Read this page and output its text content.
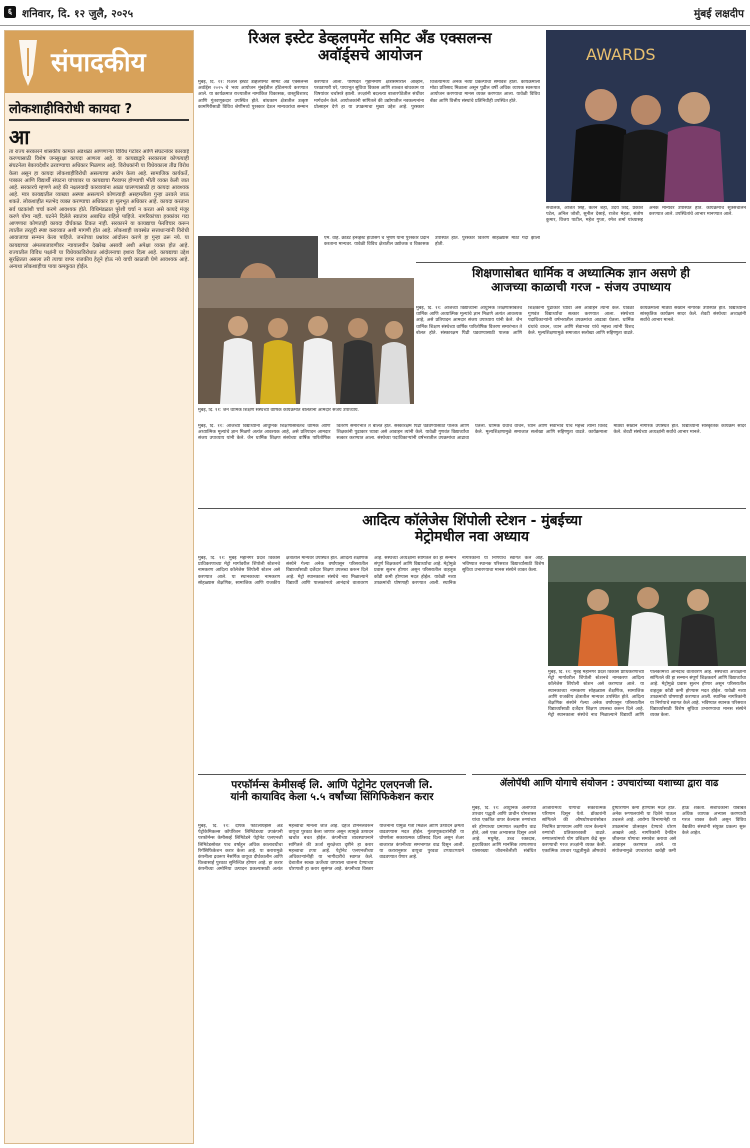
६ शनिवार, दि. १२ जुलै, २०२५	मुंबई लक्षदीप
संपादकीय
लोकशाहीविरोधी कायदा ?
आ
ता राज्य सरकारने शासकीय कामात अडथळा आणणाऱ्या विविध गटांवर आणि संघटनांवर कारवाई करण्यासाठी विशेष जनसुरक्षा कायदा आणला आहे. या कायद्याद्वारे सरकारला कोणत्याही संघटनेला बेकायदेशीर ठरवण्याचा अधिकार मिळणार आहे. विरोधकांनी या विधेयकाला तीव्र विरोध केला असून हा कायदा लोकशाहीविरोधी असल्याचा आरोप केला आहे. सामाजिक कार्यकर्ते, पत्रकार आणि विद्यार्थी संघटना यांच्यावर या कायद्याचा गैरवापर होण्याची भीती व्यक्त केली जात आहे. सरकारचे म्हणणे आहे की नक्षलवादी कारवायांना आळा घालण्यासाठी हा कायदा आवश्यक आहे. मात्र कायद्यातील व्याख्या अस्पष्ट असल्याने कोणत्याही असहमतीला गुन्हा ठरवले जाऊ शकते. लोकशाहीत मतभेद व्यक्त करण्याचा अधिकार हा मूलभूत अधिकार आहे. कायदा करताना सर्व घटकांशी चर्चा करणे आवश्यक होते. विधिमंडळात पुरेशी चर्चा न करता असे कायदे मंजूर करणे योग्य नाही. घटनेने दिलेले स्वातंत्र्य अबाधित राहिले पाहिजे. नागरिकांच्या हक्कांवर गदा आणणारा कोणताही कायदा दीर्घकाळ टिकत नाही. सरकारने या कायद्याचा फेरविचार करून त्यातील तरतुदी स्पष्ट कराव्यात अशी मागणी होत आहे. लोकशाही व्यवस्थेत सत्ताधाऱ्यांनी विरोधी आवाजाचा सन्मान केला पाहिजे. जनतेच्या प्रश्नांवर आंदोलन करणे हा गुन्हा ठरू नये. या कायद्याच्या अंमलबजावणीवर न्यायालयीन देखरेख असावी अशी अपेक्षा व्यक्त होत आहे. राज्यातील विविध पक्षांनी या विधेयकाविरोधात आंदोलनाचा इशारा दिला आहे. कायद्याचा उद्देश सुरक्षितता असला तरी त्याचा वापर राजकीय हेतूने होऊ नये याची काळजी घेणे आवश्यक आहे. अन्यथा लोकशाहीचा पाया कमकुवत होईल.
रिअल इस्टेट डेव्हलपमेंट समिट ॲंड एक्सलन्स
अवॉर्ड्सचे आयोजन
मुंबई, दि. ११: रिअल इस्टेट डेव्हलपमेंट समिट ॲंड एक्सलन्स अवॉर्ड्स २०२५ चे भव्य आयोजन मुंबईतील हॉटेलमध्ये करण्यात आले. या कार्यक्रमात राज्यातील नामांकित विकासक, वास्तुविशारद आणि गुंतवणूकदार उपस्थित होते. बांधकाम क्षेत्रातील उत्कृष्ट कामगिरीसाठी विविध श्रेणींमध्ये पुरस्कार देऊन मान्यवरांचा सन्मान करण्यात आला. परिषदेत गृहनिर्माण क्षेत्रासमोरील आव्हाने, परवडणारी घरे, पायाभूत सुविधा विकास आणि शाश्वत बांधकाम या विषयांवर चर्चासत्रे झाली. तज्ज्ञांनी बदलत्या बाजारपेठेतील संधींवर मार्गदर्शन केले. आयोजकांनी सांगितले की उद्योगातील नवकल्पनांना प्रोत्साहन देणे हा या उपक्रमाचा मुख्य उद्देश आहे. पुरस्कार विजेत्यांमध्ये अनेक नव्या प्रकल्पांचा समावेश होता. कार्यक्रमाला मोठा प्रतिसाद मिळाला असून पुढील वर्षी अधिक व्यापक स्वरूपात आयोजन करण्याचा मानस व्यक्त करण्यात आला. यावेळी विविध बँका आणि वित्तीय संस्थांचे प्रतिनिधीही उपस्थित होते.
एम. वाह. क्रेडिट इनव्हेस्ट हाउसिंग चे भूषण यांना पुरस्कार प्रदान करताना मान्यवर. यावेळी विविध क्षेत्रातील उद्योजक व विकासक उपस्थित होते. पुरस्कार वितरण सोहळ्यास मोठी गर्दी झाली होती.
AWARDS
संचालक, अजित सिंह, केतन शहा, उदय शिंदे, प्रकाश पटेल, अनिल जोशी, सुनील देसाई, राजेश मेहता, संतोष कुमार, विजय पाटील, महेश गुप्ता, रमेश शर्मा यांच्यासह अनेक मान्यवर उपस्थित होते. कार्यक्रमाचे सूत्रसंचालन करण्यात आले. उपस्थितांचे आभार मानण्यात आले.
शिक्षणासोबत धार्मिक व अध्यात्मिक ज्ञान असणे ही
आजच्या काळाची गरज - संजय उपाध्याय
मुंबई, दि. ११: जैन धार्मिक शिक्षण संस्थेच्या वार्षिक कार्यक्रमात बोलताना आमदार संजय उपाध्याय.
मुंबई, दि. ११: आजच्या विद्यार्थ्यांना आधुनिक शिक्षणासोबतच धार्मिक आणि अध्यात्मिक मूल्यांचे ज्ञान मिळणे अत्यंत आवश्यक आहे, असे प्रतिपादन आमदार संजय उपाध्याय यांनी केले. जैन धार्मिक शिक्षण संस्थेच्या वार्षिक पारितोषिक वितरण समारंभात ते बोलत होते. संस्कारक्षम पिढी घडवण्यासाठी पालक आणि शिक्षकांनी पुढाकार घ्यावा असे आवाहन त्यांनी केले. यावेळी गुणवंत विद्यार्थ्यांचा सत्कार करण्यात आला. संस्थेच्या पदाधिकाऱ्यांनी वर्षभरातील उपक्रमांचा आढावा घेतला. धार्मिक ग्रंथांचे वाचन, ध्यान आणि सेवाभाव यांचे महत्त्व त्यांनी विशद केले. मूल्यशिक्षणामुळे समाजात सलोखा आणि सहिष्णुता वाढते. कार्यक्रमाला मोठ्या संख्येने नागरिक उपस्थित होते. विद्यार्थ्यांनी सांस्कृतिक कार्यक्रम सादर केले. शेवटी संस्थेच्या अध्यक्षांनी सर्वांचे आभार मानले.
मुंबई, दि. ११: आजच्या विद्यार्थ्यांना आधुनिक शिक्षणासोबतच धार्मिक आणि अध्यात्मिक मूल्यांचे ज्ञान मिळणे अत्यंत आवश्यक आहे, असे प्रतिपादन आमदार संजय उपाध्याय यांनी केले. जैन धार्मिक शिक्षण संस्थेच्या वार्षिक पारितोषिक वितरण समारंभात ते बोलत होते. संस्कारक्षम पिढी घडवण्यासाठी पालक आणि शिक्षकांनी पुढाकार घ्यावा असे आवाहन त्यांनी केले. यावेळी गुणवंत विद्यार्थ्यांचा सत्कार करण्यात आला. संस्थेच्या पदाधिकाऱ्यांनी वर्षभरातील उपक्रमांचा आढावा घेतला. धार्मिक ग्रंथांचे वाचन, ध्यान आणि सेवाभाव यांचे महत्त्व त्यांनी विशद केले. मूल्यशिक्षणामुळे समाजात सलोखा आणि सहिष्णुता वाढते. कार्यक्रमाला मोठ्या संख्येने नागरिक उपस्थित होते. विद्यार्थ्यांनी सांस्कृतिक कार्यक्रम सादर केले. शेवटी संस्थेच्या अध्यक्षांनी सर्वांचे आभार मानले.
आदित्य कॉलेजेस शिंपोली स्टेशन - मुंबईच्या
मेट्रोमधील नवा अध्याय
मुंबई, दि. ११: मुंबई महानगर प्रदेश विकास प्राधिकरणाच्या मेट्रो मार्गावरील शिंपोली स्टेशनचे नामकरण आदित्य कॉलेजेस शिंपोली स्टेशन असे करण्यात आले. या स्थानकाच्या नामकरण सोहळ्यास शैक्षणिक, सामाजिक आणि राजकीय क्षेत्रातील मान्यवर उपस्थित होते. आदित्य शैक्षणिक संस्थेने गेल्या अनेक वर्षांपासून परिसरातील विद्यार्थ्यांसाठी दर्जेदार शिक्षण उपलब्ध करून दिले आहे. मेट्रो स्थानकाला संस्थेचे नाव मिळाल्याने विद्यार्थी आणि पालकांमध्ये आनंदाचे वातावरण आहे. संस्थेच्या अध्यक्षांनी सांगितले की हा सन्मान संपूर्ण शिक्षकवर्ग आणि विद्यार्थ्यांचा आहे. मेट्रोमुळे प्रवास सुलभ होणार असून परिसरातील वाहतूक कोंडी कमी होण्यास मदत होईल. यावेळी नव्या उपक्रमांची घोषणाही करण्यात आली. स्थानिक नागरिकांनी या निर्णयाचे स्वागत केले आहे. भविष्यात स्थानक परिसरात विद्यार्थ्यांसाठी विशेष सुविधा उभारण्याचा मानस संस्थेने व्यक्त केला.
मुंबई, दि. ११: मुंबई महानगर प्रदेश विकास प्राधिकरणाच्या मेट्रो मार्गावरील शिंपोली स्टेशनचे नामकरण आदित्य कॉलेजेस शिंपोली स्टेशन असे करण्यात आले. या स्थानकाच्या नामकरण सोहळ्यास शैक्षणिक, सामाजिक आणि राजकीय क्षेत्रातील मान्यवर उपस्थित होते. आदित्य शैक्षणिक संस्थेने गेल्या अनेक वर्षांपासून परिसरातील विद्यार्थ्यांसाठी दर्जेदार शिक्षण उपलब्ध करून दिले आहे. मेट्रो स्थानकाला संस्थेचे नाव मिळाल्याने विद्यार्थी आणि पालकांमध्ये आनंदाचे वातावरण आहे. संस्थेच्या अध्यक्षांनी सांगितले की हा सन्मान संपूर्ण शिक्षकवर्ग आणि विद्यार्थ्यांचा आहे. मेट्रोमुळे प्रवास सुलभ होणार असून परिसरातील वाहतूक कोंडी कमी होण्यास मदत होईल. यावेळी नव्या उपक्रमांची घोषणाही करण्यात आली. स्थानिक नागरिकांनी या निर्णयाचे स्वागत केले आहे. भविष्यात स्थानक परिसरात विद्यार्थ्यांसाठी विशेष सुविधा उभारण्याचा मानस संस्थेने व्यक्त केला.
परफॉर्मन्स केमीसर्व्ह लि. आणि पेट्रोनेट एलएनजी लि.
यांनी कायाविद केला ५.५ वर्षांच्या सिंगिफिकेशन करार
मुंबई, दि. ११: दीपक फर्टिलायझर्स ॲंड पेट्रोकेमिकल्स कॉर्पोरेशन लिमिटेडच्या उपकंपनी परफॉर्मन्स केमीसर्व्ह लिमिटेडने पेट्रोनेट एलएनजी लिमिटेडसोबत पाच वर्षांहून अधिक कालावधीचा रिगॅसिफिकेशन करार केला आहे. या करारामुळे कंपनीला द्रवरूप नैसर्गिक वायूचा दीर्घकालीन आणि विश्वासार्ह पुरवठा सुनिश्चित होणार आहे. हा करार कंपनीच्या अमोनिया उत्पादन प्रकल्पासाठी अत्यंत महत्त्वाचा मानला जात आहे. दहेज टर्मिनलवरून वायूचा पुरवठा केला जाणार असून त्यामुळे उत्पादन खर्चात बचत होईल. कंपनीच्या व्यवस्थापनाने सांगितले की ऊर्जा सुरक्षेच्या दृष्टीने हा करार महत्त्वाचा टप्पा आहे. पेट्रोनेट एलएनजीच्या अधिकाऱ्यांनीही या भागीदारीचे स्वागत केले. देशातील स्वच्छ ऊर्जेच्या वापराला चालना देण्याच्या धोरणाशी हा करार सुसंगत आहे. कंपनीच्या विस्तार योजनांना यामुळे गती मिळेल आणि उत्पादन क्षमता वाढवण्यास मदत होईल. गुंतवणूकदारांनीही या घोषणेला सकारात्मक प्रतिसाद दिला असून शेअर बाजारात कंपनीच्या समभागात वाढ दिसून आली. या करारानुसार वायूचा पुरवठा टप्प्याटप्प्याने वाढवण्यात येणार आहे.
ॲलोपॅथी आणि योगाचे संयोजन : उपचारांच्या यशाच्या द्वारा वाढ
मुंबई, दि. ११: आधुनिक ॲलोपॅथी उपचार पद्धती आणि प्राचीन योगशास्त्र यांचा एकत्रित वापर केल्यास रुग्णांच्या बरे होण्याच्या प्रमाणात लक्षणीय वाढ होते, असे एका अभ्यासात दिसून आले आहे. मधुमेह, उच्च रक्तदाब, हृदयविकार आणि मानसिक ताणतणाव यांसारख्या जीवनशैलीशी संबंधित आजारांमध्ये योगाचा सकारात्मक परिणाम दिसून येतो. डॉक्टरांनी सांगितले की औषधोपचारांसोबत नियमित प्राणायाम आणि ध्यान केल्याने रुग्णांची प्रतिकारशक्ती वाढते. रुग्णालयांमध्ये योग प्रशिक्षण केंद्रे सुरू करण्याची गरज तज्ज्ञांनी व्यक्त केली. एकात्मिक उपचार पद्धतीमुळे औषधांचे दुष्परिणाम कमी होण्यास मदत होते. अनेक रुग्णालयांनी या दिशेने पाऊल उचलले आहे. आरोग्य विभागानेही या उपक्रमांना प्रोत्साहन देण्याचे धोरण आखले आहे. नागरिकांनी दैनंदिन जीवनात योगाचा समावेश करावा असे आवाहन करण्यात आले. या संयोजनामुळे उपचारांचा खर्चही कमी होऊ शकतो. संशोधकांनी याबाबत अधिक व्यापक अभ्यास करण्याची गरज व्यक्त केली असून विविध वैद्यकीय संस्थांनी संयुक्त प्रकल्प सुरू केले आहेत.
